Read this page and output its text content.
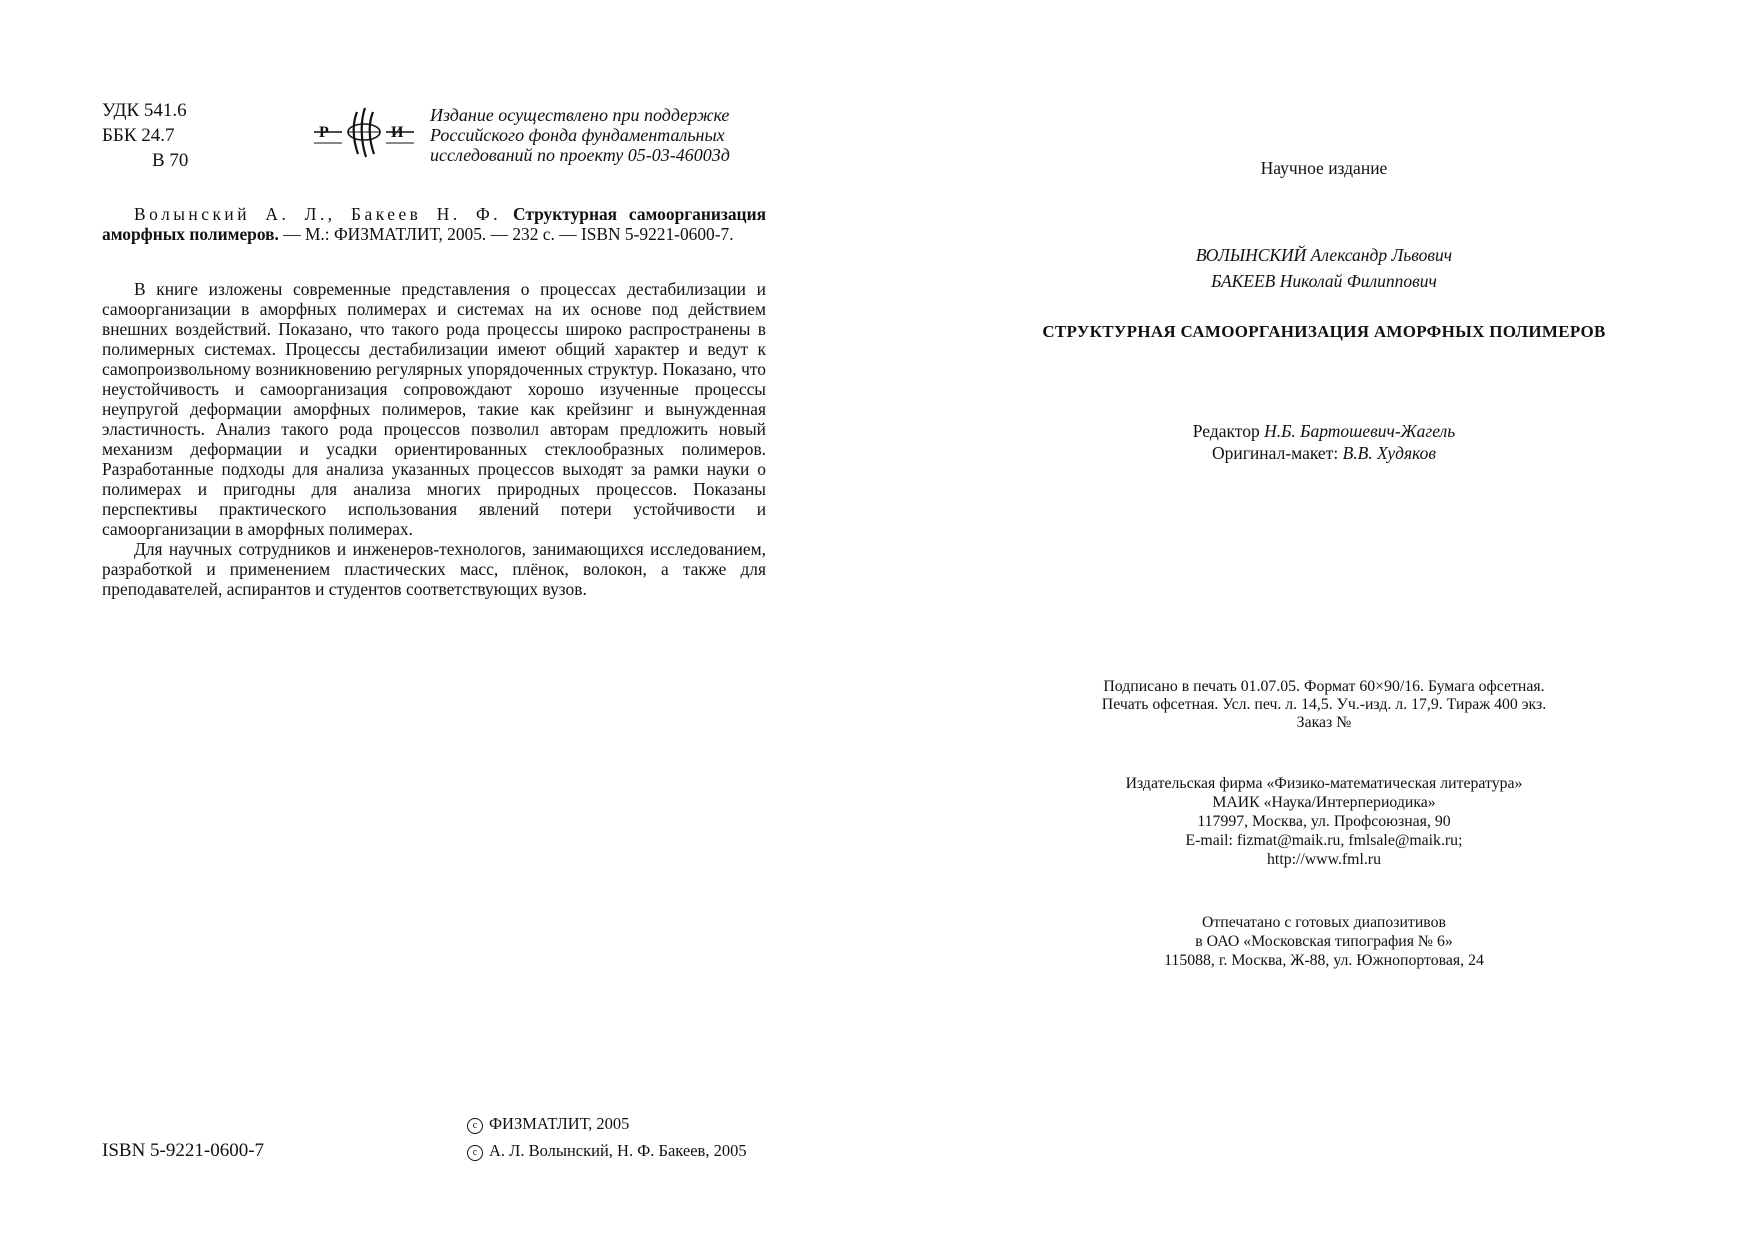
УДК 541.6
ББК 24.7
В 70
Р	И
Издание осуществлено при поддержке
Российского фонда фундаментальных
исследований по проекту 05-03-46003д
Волынский А. Л., Бакеев Н. Ф. Структурная самоорганизация аморфных полимеров. — М.: ФИЗМАТЛИТ, 2005. — 232 с. — ISBN 5-9221-0600-7.

В книге изложены современные представления о процессах дестабилизации и самоорганизации в аморфных полимерах и системах на их основе под действием внешних воздействий. Показано, что такого рода процессы широко распространены в полимерных системах. Процессы дестабилизации имеют общий характер и ведут к самопроизвольному возникновению регулярных упорядоченных структур. Показано, что неустойчивость и самоорганизация сопровождают хорошо изученные процессы неупругой деформации аморфных полимеров, такие как крейзинг и вынужденная эластичность. Анализ такого рода процессов позволил авторам предложить новый механизм деформации и усадки ориентированных стеклообразных полимеров. Разработанные подходы для анализа указанных процессов выходят за рамки науки о полимерах и пригодны для анализа многих природных процессов. Показаны перспективы практического использования явлений потери устойчивости и самоорганизации в аморфных полимерах.

Для научных сотрудников и инженеров-технологов, занимающихся исследованием, разработкой и применением пластических масс, плёнок, волокон, а также для преподавателей, аспирантов и студентов соответствующих вузов.

ISBN 5-9221-0600-7
c ФИЗМАТЛИТ, 2005
c А. Л. Волынский, Н. Ф. Бакеев, 2005
Научное издание
ВОЛЫНСКИЙ Александр Львович
БАКЕЕВ Николай Филиппович
СТРУКТУРНАЯ САМООРГАНИЗАЦИЯ АМОРФНЫХ ПОЛИМЕРОВ
Редактор Н.Б. Бартошевич-Жагель
Оригинал-макет: В.В. Худяков
Подписано в печать 01.07.05. Формат 60×90/16. Бумага офсетная.
Печать офсетная. Усл. печ. л. 14,5. Уч.-изд. л. 17,9. Тираж 400 экз.
Заказ №
Издательская фирма «Физико-математическая литература»
МАИК «Наука/Интерпериодика»
117997, Москва, ул. Профсоюзная, 90
E-mail: fizmat@maik.ru, fmlsale@maik.ru;
http://www.fml.ru
Отпечатано с готовых диапозитивов
в ОАО «Московская типография № 6»
115088, г. Москва, Ж-88, ул. Южнопортовая, 24
